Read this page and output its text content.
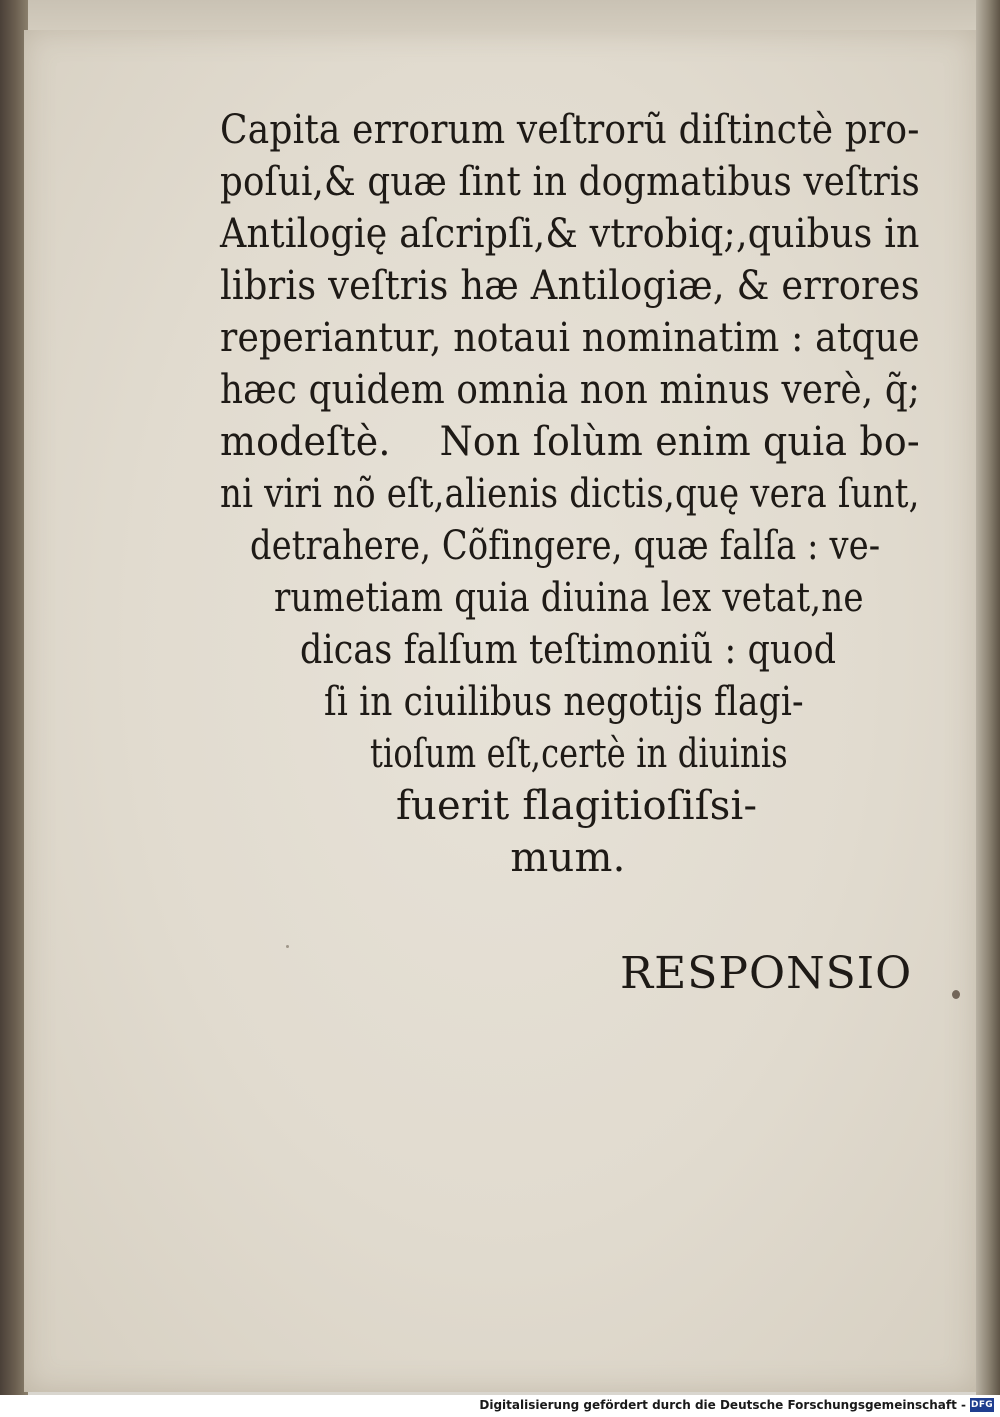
Capita errorum veſtrorũ diſtinctè pro-
poſui,& quæ ſint in dogmatibus veſtris
Antilogię aſcripſi,& vtrobiq;,quibus in
libris veſtris hæ Antilogiæ, & errores
reperiantur, notaui nominatim : atque
hæc quidem omnia non minus verè, q̃;
modeſtè.    Non ſolùm enim quia bo-
ni viri nõ eſt,alienis dictis,quę vera ſunt,
detrahere, Cõfingere, quæ falſa : ve-
rumetiam quia diuina lex vetat,ne
dicas falſum teſtimoniũ : quod
ſi in ciuilibus negotijs flagi-
tioſum eſt,certè in diuinis
fuerit flagitioſiſsi-
mum.
RESPONSIO
Digitalisierung gefördert durch die Deutsche Forschungsgemeinschaft - DFG
